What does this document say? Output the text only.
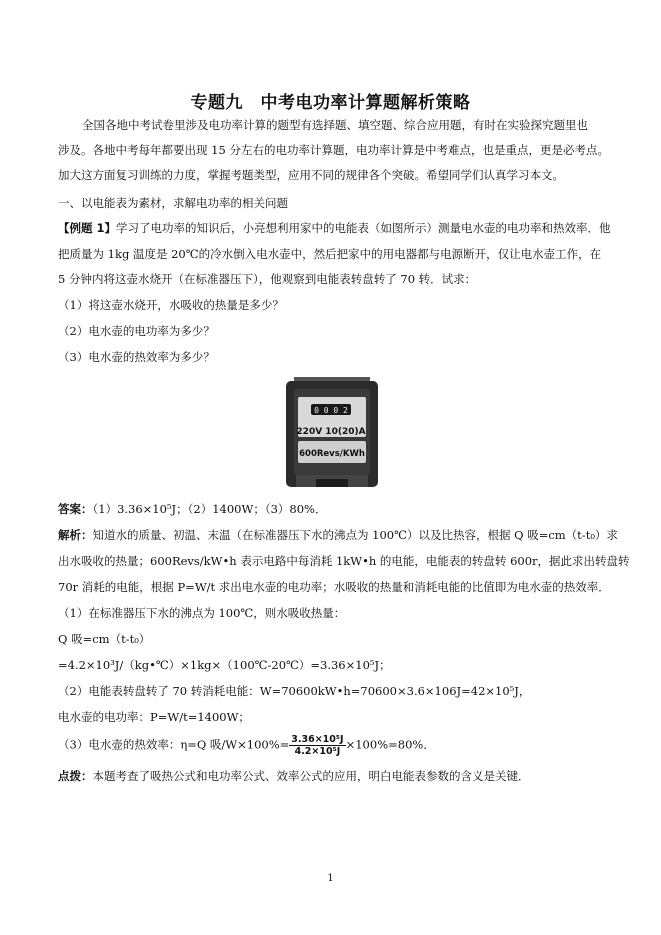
专题九　中考电功率计算题解析策略
全国各地中考试卷里涉及电功率计算的题型有选择题、填空题、综合应用题，有时在实验探究题里也
涉及。各地中考每年都要出现 15 分左右的电功率计算题，电功率计算是中考难点，也是重点，更是必考点。
加大这方面复习训练的力度，掌握考题类型，应用不同的规律各个突破。希望同学们认真学习本文。
一、以电能表为素材，求解电功率的相关问题
【例题 1】学习了电功率的知识后，小亮想利用家中的电能表（如图所示）测量电水壶的电功率和热效率．他
把质量为 1kg 温度是 20℃的冷水倒入电水壶中，然后把家中的用电器都与电源断开，仅让电水壶工作，在
5 分钟内将这壶水烧开（在标准器压下），他观察到电能表转盘转了 70 转．试求：
（1）将这壶水烧开，水吸收的热量是多少？
（2）电水壶的电功率为多少？
（3）电水壶的热效率为多少？
0 0 0 2
220V 10(20)A
600Revs/KWh
答案：（1）3.36×10⁵J；（2）1400W；（3）80%．
解析：知道水的质量、初温、末温（在标准器压下水的沸点为 100℃）以及比热容，根据 Q 吸=cm（t-t₀）求
出水吸收的热量；600Revs/kW•h 表示电路中每消耗 1kW•h 的电能，电能表的转盘转 600r，据此求出转盘转
70r 消耗的电能，根据 P=W/t 求出电水壶的电功率；水吸收的热量和消耗电能的比值即为电水壶的热效率．
（1）在标准器压下水的沸点为 100℃，则水吸收热量：
Q 吸=cm（t-t₀）
=4.2×10³J/（kg•℃）×1kg×（100℃-20℃）=3.36×10⁵J；
（2）电能表转盘转了 70 转消耗电能：W=70600kW•h=70600×3.6×106J=42×10⁵J，
电水壶的电功率：P=W/t=1400W；
（3）电水壶的热效率：η=Q 吸$/W\times 100\%= \frac{\text{3.36×10⁵J}}{\text{4.2×10⁵J}} \times 100\%=80\%$．
点拨：本题考查了吸热公式和电功率公式、效率公式的应用，明白电能表参数的含义是关键．
1
